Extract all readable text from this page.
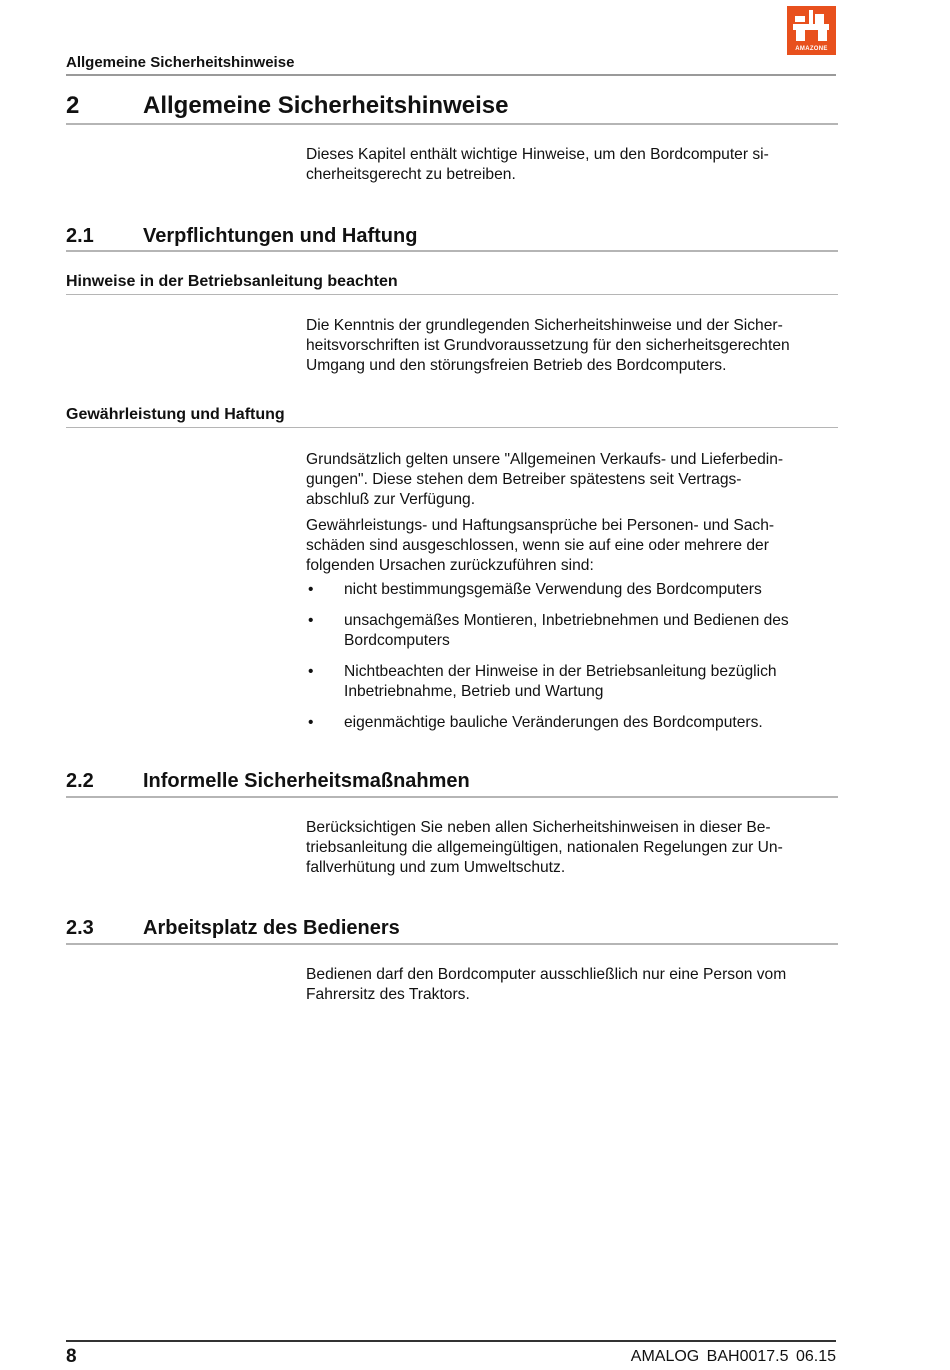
Allgemeine Sicherheitshinweise
AMAZONE
2	Allgemeine Sicherheitshinweise
Dieses Kapitel enthält wichtige Hinweise, um den Bordcomputer si-
cherheitsgerecht zu betreiben.
2.1 Verpflichtungen und Haftung
Hinweise in der Betriebsanleitung beachten
Die Kenntnis der grundlegenden Sicherheitshinweise und der Sicher-
heitsvorschriften ist Grundvoraussetzung für den sicherheitsgerechten
Umgang und den störungsfreien Betrieb des Bordcomputers.
Gewährleistung und Haftung
Grundsätzlich gelten unsere "Allgemeinen Verkaufs- und Lieferbedin-
gungen". Diese stehen dem Betreiber spätestens seit Vertrags-
abschluß zur Verfügung.
Gewährleistungs- und Haftungsansprüche bei Personen- und Sach-
schäden sind ausgeschlossen, wenn sie auf eine oder mehrere der
folgenden Ursachen zurückzuführen sind:
• nicht bestimmungsgemäße Verwendung des Bordcomputers
• unsachgemäßes Montieren, Inbetriebnehmen und Bedienen des
Bordcomputers
• Nichtbeachten der Hinweise in der Betriebsanleitung bezüglich
Inbetriebnahme, Betrieb und Wartung
• eigenmächtige bauliche Veränderungen des Bordcomputers.
2.2 Informelle Sicherheitsmaßnahmen
Berücksichtigen Sie neben allen Sicherheitshinweisen in dieser Be-
triebsanleitung die allgemeingültigen, nationalen Regelungen zur Un-
fallverhütung und zum Umweltschutz.
2.3 Arbeitsplatz des Bedieners
Bedienen darf den Bordcomputer ausschließlich nur eine Person vom
Fahrersitz des Traktors.
8	AMALOG BAH0017.5 06.15
